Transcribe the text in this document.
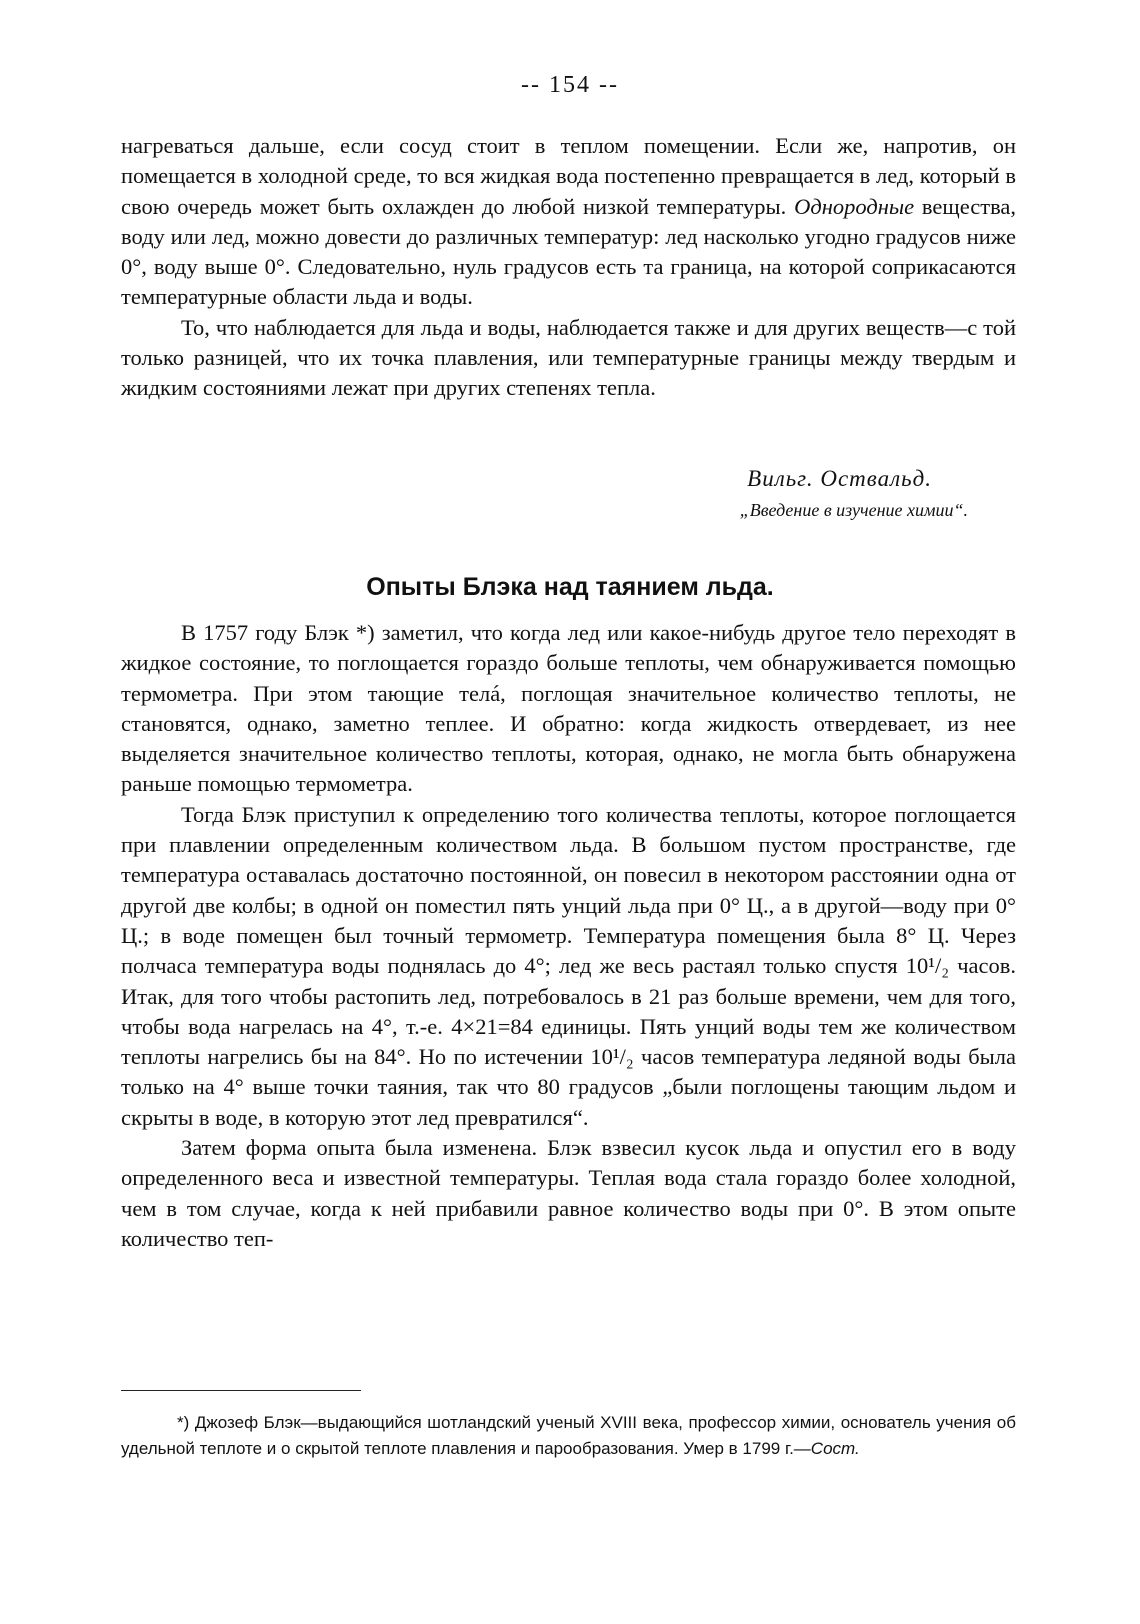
-- 154 --

нагреваться дальше, если сосуд стоит в теплом помещении. Если же, напротив, он помещается в холодной среде, то вся жидкая вода постепенно превращается в лед, который в свою очередь может быть охлажден до любой низкой температуры. Однородные вещества, воду или лед, можно довести до различных температур: лед насколько угодно градусов ниже 0°, воду выше 0°. Следовательно, нуль градусов есть та граница, на которой соприкасаются температурные области льда и воды.

То, что наблюдается для льда и воды, наблюдается также и для других веществ—с той только разницей, что их точка плавления, или температурные границы между твердым и жидким состояниями лежат при других степенях тепла.

Вильг. Оствальд.
„Введение в изучение химии“.
Опыты Блэка над таянием льда.

В 1757 году Блэк *) заметил, что когда лед или какое-нибудь другое тело переходят в жидкое состояние, то поглощается гораздо больше теплоты, чем обнаруживается помощью термометра. При этом тающие телá, поглощая значительное количество теплоты, не становятся, однако, заметно теплее. И обратно: когда жидкость отвердевает, из нее выделяется значительное количество теплоты, которая, однако, не могла быть обнаружена раньше помощью термометра.

Тогда Блэк приступил к определению того количества теплоты, которое поглощается при плавлении определенным количеством льда. В большом пустом пространстве, где температура оставалась достаточно постоянной, он повесил в некотором расстоянии одна от другой две колбы; в одной он поместил пять унций льда при 0° Ц., а в другой—воду при 0° Ц.; в воде помещен был точный термометр. Температура помещения была 8° Ц. Через полчаса температура воды поднялась до 4°; лед же весь растаял только спустя 10¹/₂ часов. Итак, для того чтобы растопить лед, потребовалось в 21 раз больше времени, чем для того, чтобы вода нагрелась на 4°, т.-е. 4×21=84 единицы. Пять унций воды тем же количеством теплоты нагрелись бы на 84°. Но по истечении 10¹/₂ часов температура ледяной воды была только на 4° выше точки таяния, так что 80 градусов „были поглощены тающим льдом и скрыты в воде, в которую этот лед превратился“.

Затем форма опыта была изменена. Блэк взвесил кусок льда и опустил его в воду определенного веса и известной температуры. Теплая вода стала гораздо более холодной, чем в том случае, когда к ней прибавили равное количество воды при 0°. В этом опыте количество теп-

*) Джозеф Блэк—выдающийся шотландский ученый XVIII века, профессор химии, основатель учения об удельной теплоте и о скрытой теплоте плавления и парообразования. Умер в 1799 г.—Сост.
